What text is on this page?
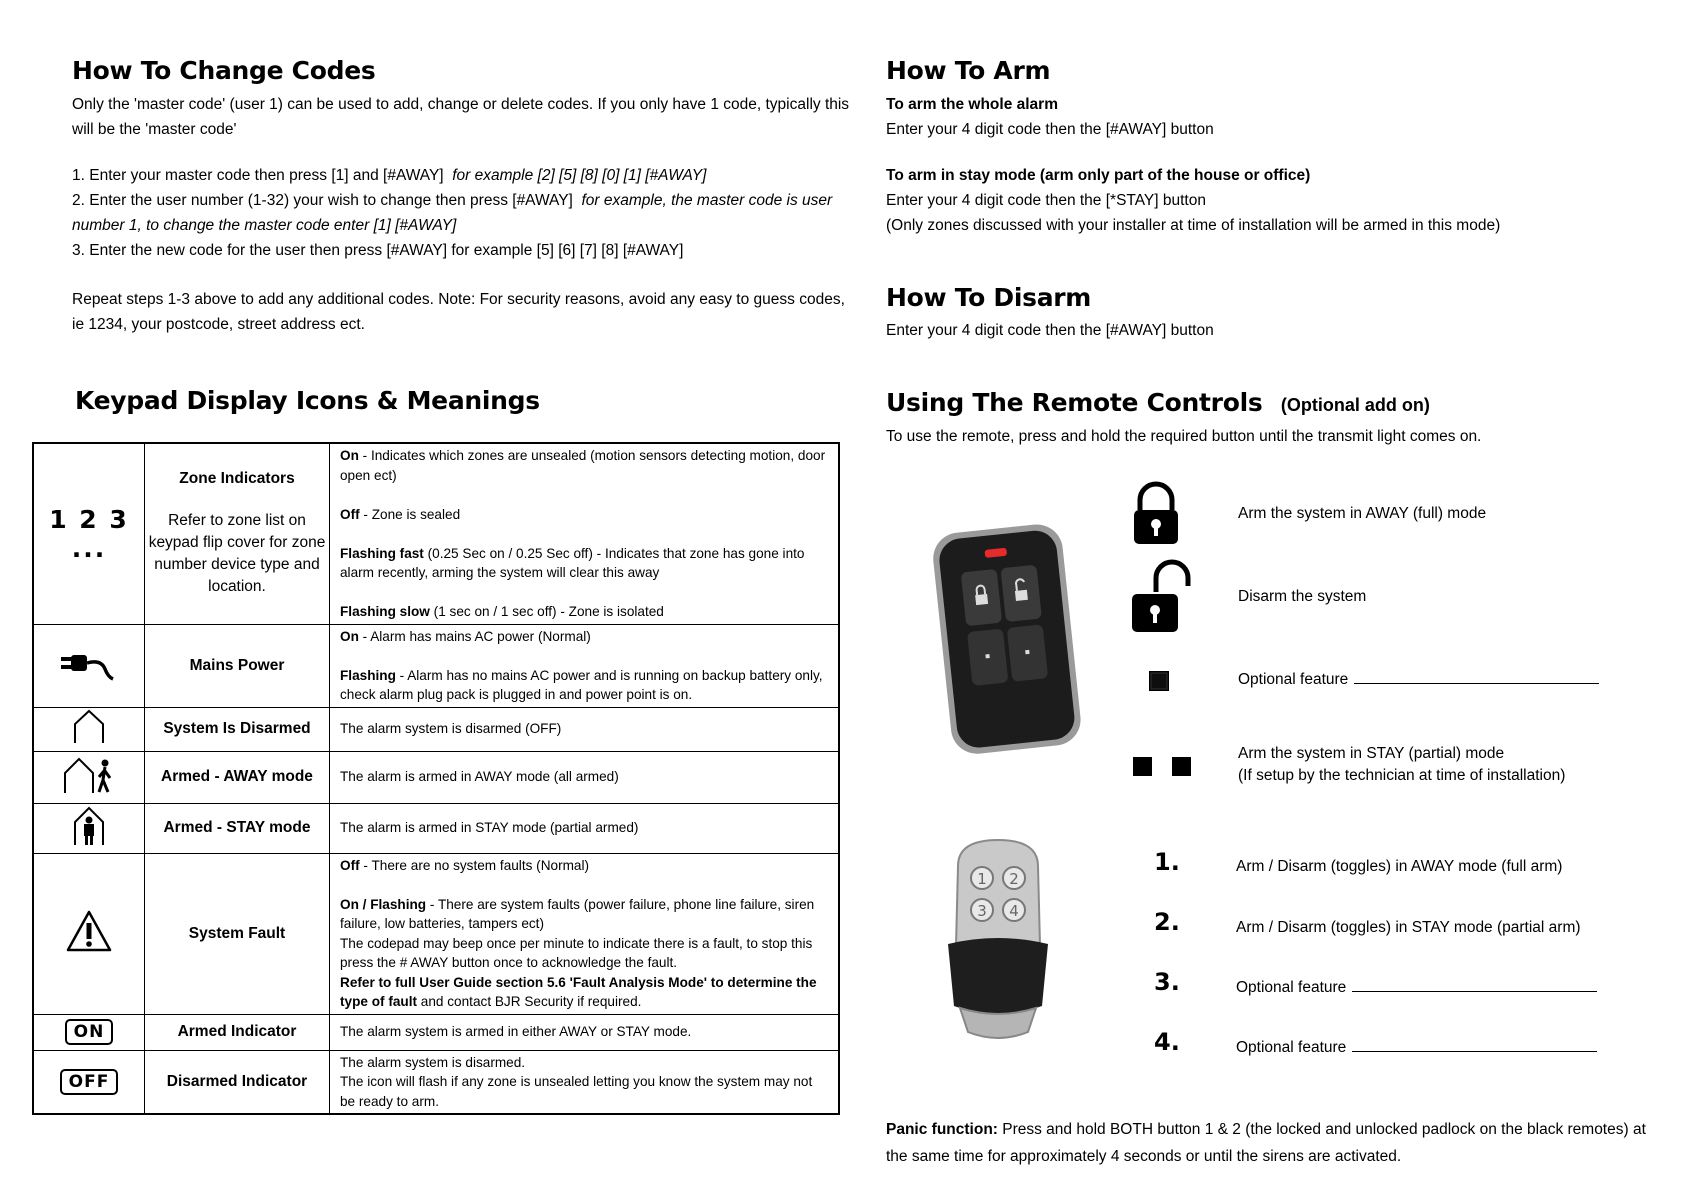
How To Change Codes

Only the 'master code' (user 1) can be used to add, change or delete codes. If you only have 1 code, typically this will be the 'master code'

1. Enter your master code then press [1] and [#AWAY] for example [2] [5] [8] [0] [1] [#AWAY]
2. Enter the user number (1-32) your wish to change then press [#AWAY] for example, the master code is user number 1, to change the master code enter [1] [#AWAY]
3. Enter the new code for the user then press [#AWAY] for example [5] [6] [7] [8] [#AWAY]

Repeat steps 1-3 above to add any additional codes. Note: For security reasons, avoid any easy to guess codes, ie 1234, your postcode, street address ect.

Keypad Display Icons & Meanings
1 2 3 ...	Zone Indicators
Refer to zone list on keypad flip cover for zone number device type and location.	On - Indicates which zones are unsealed (motion sensors detecting motion, door open ect)

Off - Zone is sealed

Flashing fast (0.25 Sec on / 0.25 Sec off) - Indicates that zone has gone into alarm recently, arming the system will clear this away

Flashing slow (1 sec on / 1 sec off) - Zone is isolated
	Mains Power	On - Alarm has mains AC power (Normal)

Flashing - Alarm has no mains AC power and is running on backup battery only, check alarm plug pack is plugged in and power point is on.
	System Is Disarmed	The alarm system is disarmed (OFF)
	Armed - AWAY mode	The alarm is armed in AWAY mode (all armed)
	Armed - STAY mode	The alarm is armed in STAY mode (partial armed)
	System Fault	Off - There are no system faults (Normal)

On / Flashing - There are system faults (power failure, phone line failure, siren failure, low batteries, tampers ect)
The codepad may beep once per minute to indicate there is a fault, to stop this press the # AWAY button once to acknowledge the fault.
Refer to full User Guide section 5.6 'Fault Analysis Mode' to determine the type of fault and contact BJR Security if required.
ON	Armed Indicator	The alarm system is armed in either AWAY or STAY mode.
OFF	Disarmed Indicator	The alarm system is disarmed.
The icon will flash if any zone is unsealed letting you know the system may not be ready to arm.
How To Arm

To arm the whole alarm
Enter your 4 digit code then the [#AWAY] button

To arm in stay mode (arm only part of the house or office)
Enter your 4 digit code then the [*STAY] button
(Only zones discussed with your installer at time of installation will be armed in this mode)

How To Disarm

Enter your 4 digit code then the [#AWAY] button

Using The Remote Controls (Optional add on)

To use the remote, press and hold the required button until the transmit light comes on.

Arm the system in AWAY (full) mode
Disarm the system
Optional feature
Arm the system in STAY (partial) mode
(If setup by the technician at time of installation)
1 2
3 4
1.	Arm / Disarm (toggles) in AWAY mode (full arm)
2.	Arm / Disarm (toggles) in STAY mode (partial arm)
3.	Optional feature
4.	Optional feature

Panic function: Press and hold BOTH button 1 & 2 (the locked and unlocked padlock on the black remotes) at the same time for approximately 4 seconds or until the sirens are activated.
